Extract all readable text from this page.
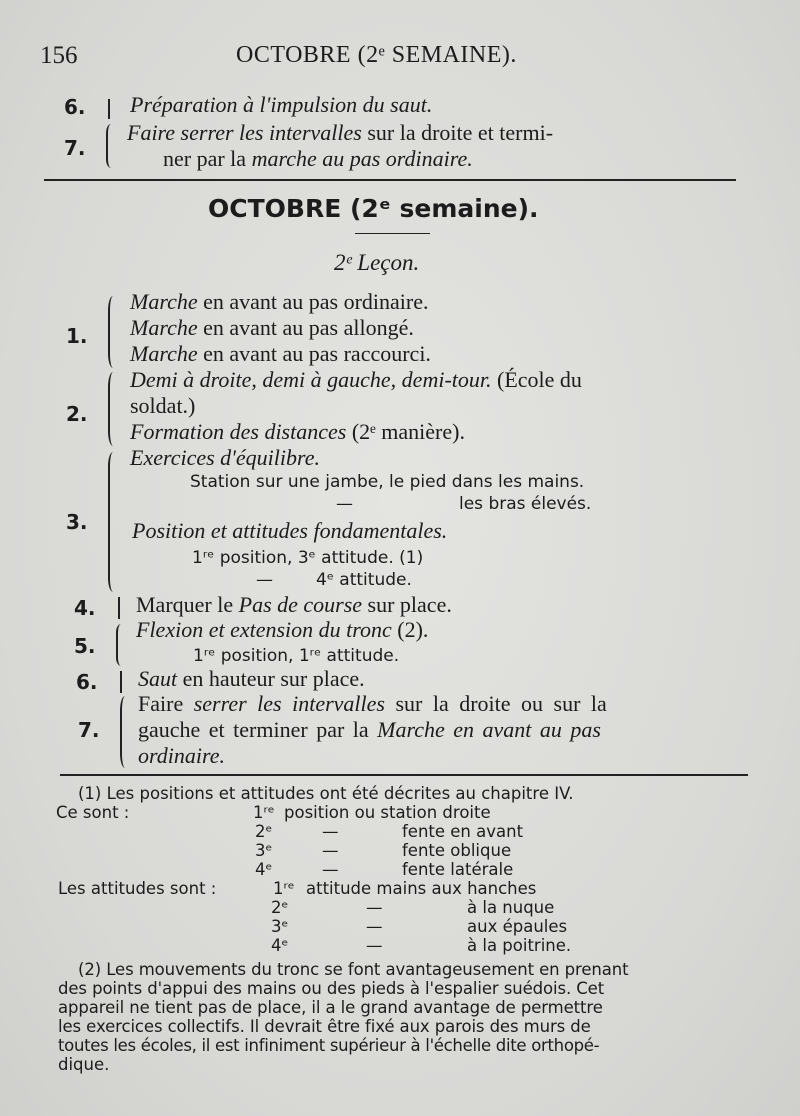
156	OCTOBRE (2ᵉ SEMAINE).
6. Préparation à l'impulsion du saut.
7.
Faire serrer les intervalles sur la droite et termi-
ner par la marche au pas ordinaire.
OCTOBRE (2ᵉ semaine).
2ᵉ Leçon.
1.
Marche en avant au pas ordinaire.
Marche en avant au pas allongé.
Marche en avant au pas raccourci.
2.
Demi à droite, demi à gauche, demi-tour. (École du
soldat.)
Formation des distances (2ᵉ manière).
3.
Exercices d'équilibre.
Station sur une jambe, le pied dans les mains.
—	les bras élevés.
Position et attitudes fondamentales.
1ʳᵉ position, 3ᵉ attitude. (1)
—	4ᵉ attitude.
4. Marquer le Pas de course sur place.
5.
Flexion et extension du tronc (2).
1ʳᵉ position, 1ʳᵉ attitude.
6. Saut en hauteur sur place.
7.
Faire serrer les intervalles sur la droite ou sur la
gauche et terminer par la Marche en avant au pas
ordinaire.
(1) Les positions et attitudes ont été décrites au chapitre IV.
Ce sont :	1ʳᵉ position ou station droite
2ᵉ	—	fente en avant
3ᵉ	—	fente oblique
4ᵉ	—	fente latérale
Les attitudes sont :	1ʳᵉ attitude mains aux hanches
2ᵉ	—	à la nuque
3ᵉ	—	aux épaules
4ᵉ	—	à la poitrine.
(2) Les mouvements du tronc se font avantageusement en prenant
des points d'appui des mains ou des pieds à l'espalier suédois. Cet
appareil ne tient pas de place, il a le grand avantage de permettre
les exercices collectifs. Il devrait être fixé aux parois des murs de
toutes les écoles, il est infiniment supérieur à l'échelle dite orthopé-
dique.
